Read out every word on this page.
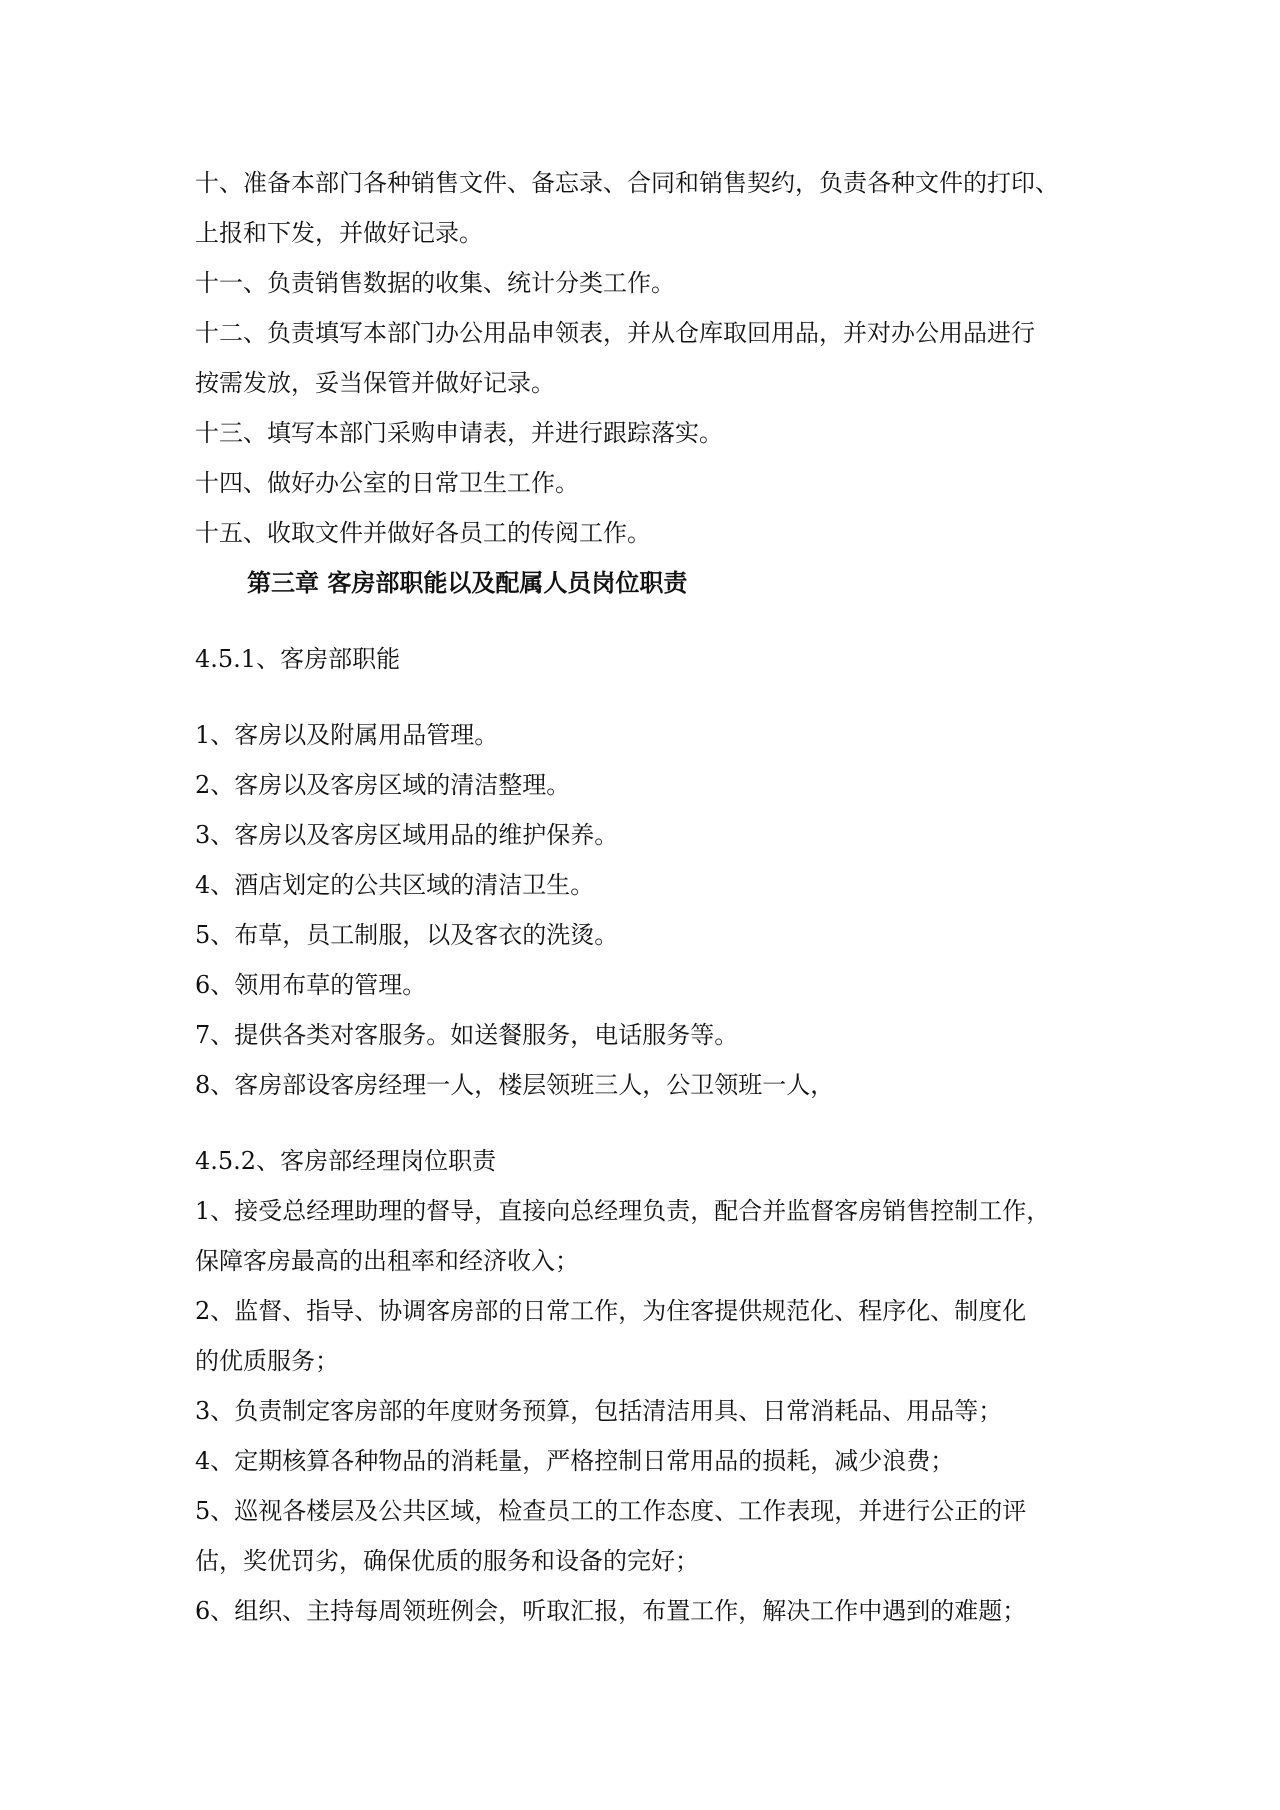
十、准备本部门各种销售文件、备忘录、合同和销售契约，负责各种文件的打印、
上报和下发，并做好记录。
十一、负责销售数据的收集、统计分类工作。
十二、负责填写本部门办公用品申领表，并从仓库取回用品，并对办公用品进行
按需发放，妥当保管并做好记录。
十三、填写本部门采购申请表，并进行跟踪落实。
十四、做好办公室的日常卫生工作。
十五、收取文件并做好各员工的传阅工作。
第三章 客房部职能以及配属人员岗位职责
4.5.1、客房部职能
1、客房以及附属用品管理。
2、客房以及客房区域的清洁整理。
3、客房以及客房区域用品的维护保养。
4、酒店划定的公共区域的清洁卫生。
5、布草，员工制服，以及客衣的洗烫。
6、领用布草的管理。
7、提供各类对客服务。如送餐服务，电话服务等。
8、客房部设客房经理一人，楼层领班三人，公卫领班一人，
4.5.2、客房部经理岗位职责
1、接受总经理助理的督导，直接向总经理负责，配合并监督客房销售控制工作，
保障客房最高的出租率和经济收入；
2、监督、指导、协调客房部的日常工作，为住客提供规范化、程序化、制度化
的优质服务；
3、负责制定客房部的年度财务预算，包括清洁用具、日常消耗品、用品等；
4、定期核算各种物品的消耗量，严格控制日常用品的损耗，减少浪费；
5、巡视各楼层及公共区域，检查员工的工作态度、工作表现，并进行公正的评
估，奖优罚劣，确保优质的服务和设备的完好；
6、组织、主持每周领班例会，听取汇报，布置工作，解决工作中遇到的难题；
